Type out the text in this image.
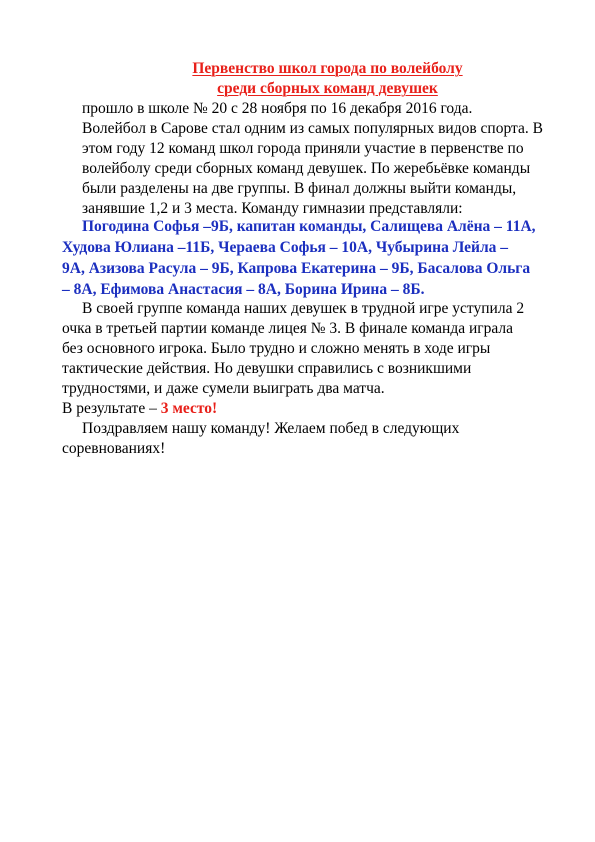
Первенство школ города по волейболу
среди сборных команд девушек
прошло в школе № 20 с 28 ноября по 16 декабря 2016 года.
Волейбол в Сарове стал одним из самых популярных видов спорта. В
этом году 12 команд школ города приняли участие в первенстве по
волейболу среди сборных команд девушек. По жеребьёвке команды
были разделены на две группы. В финал должны выйти команды,
занявшие 1,2 и 3 места. Команду гимназии представляли:
Погодина Софья –9Б, капитан команды, Салищева Алёна – 11А,
Худова Юлиана –11Б, Чераева Софья – 10А, Чубырина Лейла –
9А, Азизова Расула – 9Б, Капрова Екатерина – 9Б, Басалова Ольга
– 8А, Ефимова Анастасия – 8А, Борина Ирина – 8Б.
В своей группе команда наших девушек в трудной игре уступила 2
очка в третьей партии команде лицея № 3. В финале команда играла
без основного игрока. Было трудно и сложно менять в ходе игры
тактические действия. Но девушки справились с возникшими
трудностями, и даже сумели выиграть два матча.
В результате – 3 место!
Поздравляем нашу команду! Желаем побед в следующих
соревнованиях!
